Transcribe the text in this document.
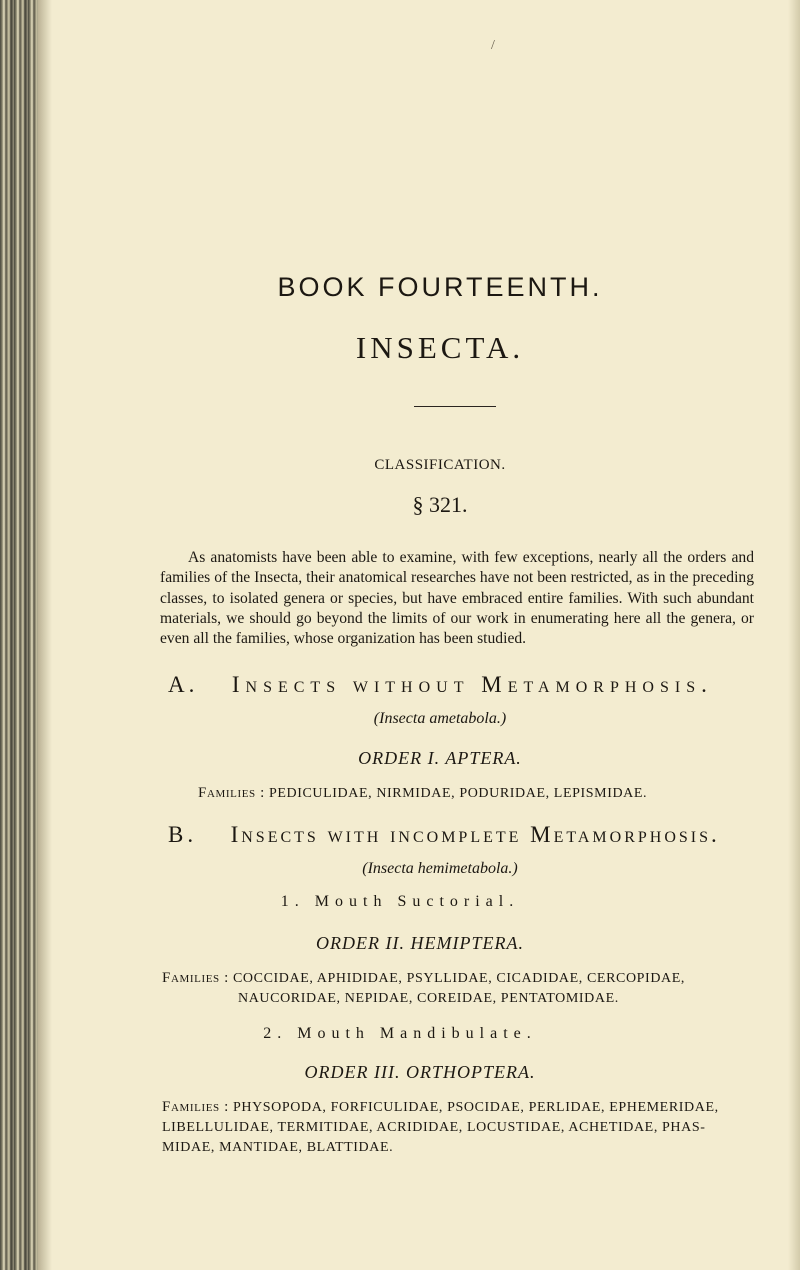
/
BOOK FOURTEENTH.
INSECTA.
CLASSIFICATION.
§ 321.

As anatomists have been able to examine, with few exceptions, nearly all the orders and families of the Insecta, their anatomical researches have not been restricted, as in the preceding classes, to isolated genera or species, but have embraced entire families. With such abundant materials, we should go beyond the limits of our work in enumerating here all the genera, or even all the families, whose organization has been studied.

A. Insects without Metamorphosis.
(Insecta ametabola.)
ORDER I. APTERA.
Families : PEDICULIDAE, NIRMIDAE, PODURIDAE, LEPISMIDAE.
B. Insects with incomplete Metamorphosis.
(Insecta hemimetabola.)
1. Mouth Suctorial.
ORDER II. HEMIPTERA.
Families : COCCIDAE, APHIDIDAE, PSYLLIDAE, CICADIDAE, CERCOPIDAE,
NAUCORIDAE, NEPIDAE, COREIDAE, PENTATOMIDAE.
2. Mouth Mandibulate.
ORDER III. ORTHOPTERA.
Families : PHYSOPODA, FORFICULIDAE, PSOCIDAE, PERLIDAE, EPHEMERIDAE,
LIBELLULIDAE, TERMITIDAE, ACRIDIDAE, LOCUSTIDAE, ACHETIDAE, PHAS-
MIDAE, MANTIDAE, BLATTIDAE.
